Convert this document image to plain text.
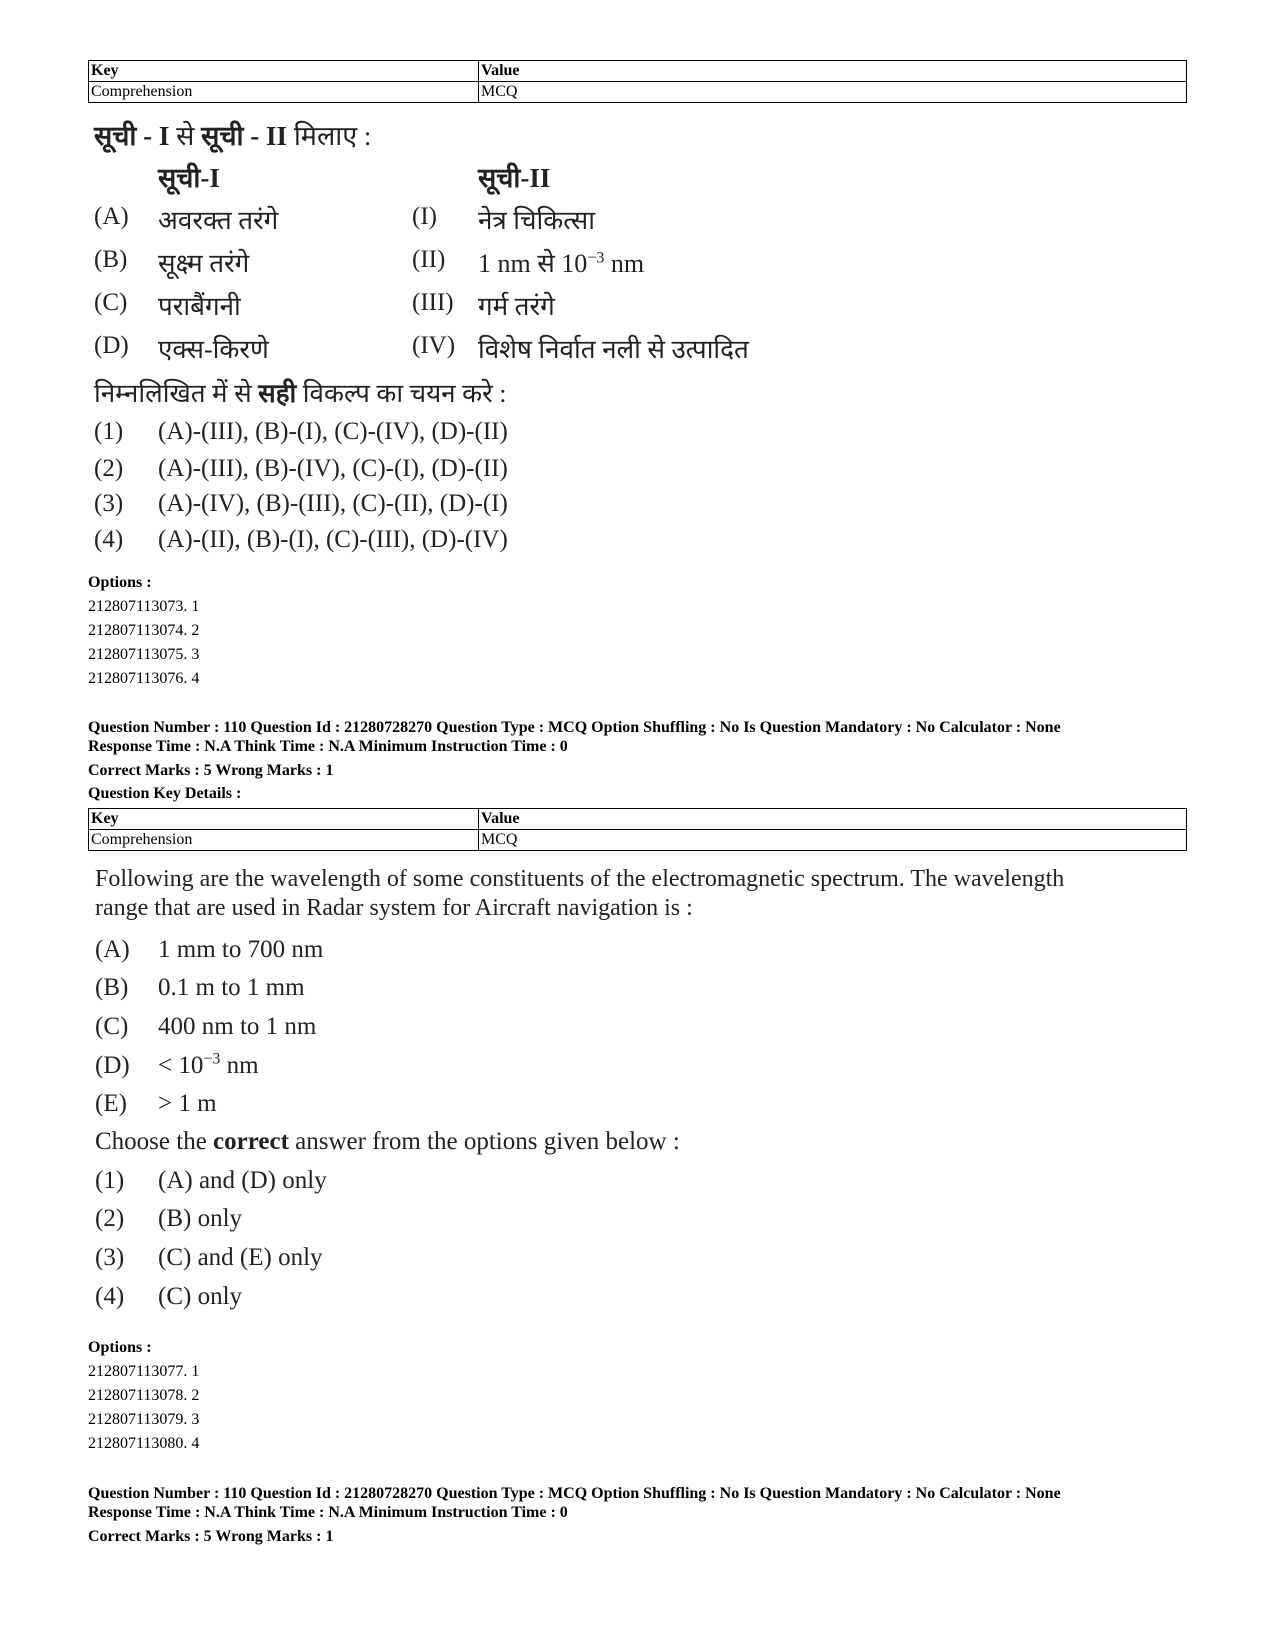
Key	Value
Comprehension	MCQ
सूची - I से सूची - II मिलाए :
सूची-I	सूची-II
(A) अवरक्त तरंगे	(I) नेत्र चिकित्सा
(B) सूक्ष्म तरंगे	(II) 1 nm से $10^{-3}$ nm
(C) पराबैंगनी	(III) गर्म तरंगे
(D) एक्स-किरणे	(IV) विशेष निर्वात नली से उत्पादित
निम्नलिखित में से सही विकल्प का चयन करे :
(1) (A)-(III), (B)-(I), (C)-(IV), (D)-(II)
(2) (A)-(III), (B)-(IV), (C)-(I), (D)-(II)
(3) (A)-(IV), (B)-(III), (C)-(II), (D)-(I)
(4) (A)-(II), (B)-(I), (C)-(III), (D)-(IV)
Options :
212807113073. 1
212807113074. 2
212807113075. 3
212807113076. 4
Question Number : 110 Question Id : 21280728270 Question Type : MCQ Option Shuffling : No Is Question Mandatory : No Calculator : None
Response Time : N.A Think Time : N.A Minimum Instruction Time : 0
Correct Marks : 5 Wrong Marks : 1
Question Key Details :
Key	Value
Comprehension	MCQ
Following are the wavelength of some constituents of the electromagnetic spectrum. The wavelength
range that are used in Radar system for Aircraft navigation is :
(A) 1 mm to 700 nm
(B) 0.1 m to 1 mm
(C) 400 nm to 1 nm
$(D) < 10^{-3}$ nm
(E) > 1 m
Choose the correct answer from the options given below :
(1) (A) and (D) only
(2) (B) only
(3) (C) and (E) only
(4) (C) only
Options :
212807113077. 1
212807113078. 2
212807113079. 3
212807113080. 4
Question Number : 110 Question Id : 21280728270 Question Type : MCQ Option Shuffling : No Is Question Mandatory : No Calculator : None
Response Time : N.A Think Time : N.A Minimum Instruction Time : 0
Correct Marks : 5 Wrong Marks : 1
